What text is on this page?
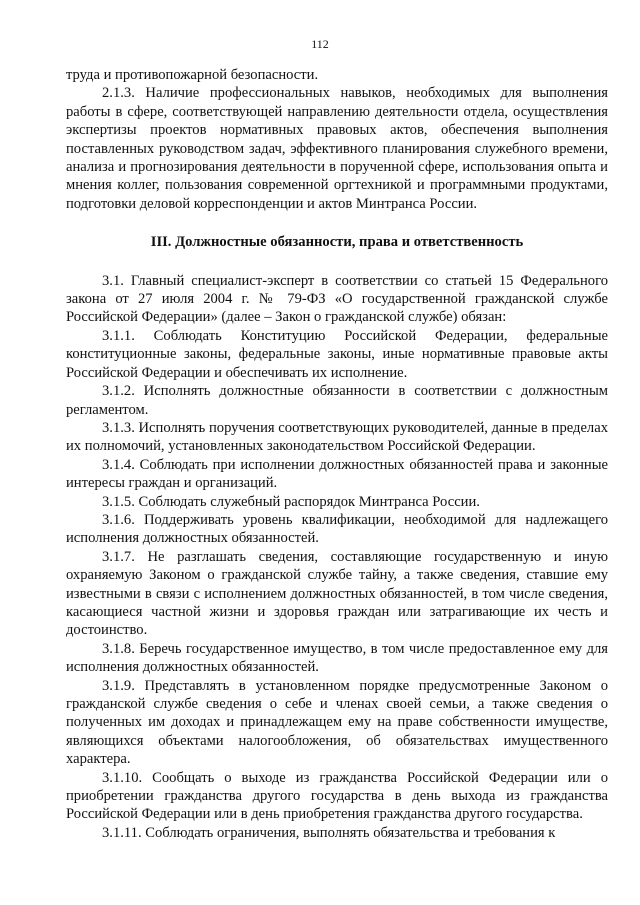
112

труда и противопожарной безопасности.

2.1.3. Наличие профессиональных навыков, необходимых для выполнения работы в сфере, соответствующей направлению деятельности отдела, осуществления экспертизы проектов нормативных правовых актов, обеспечения выполнения поставленных руководством задач, эффективного планирования служебного времени, анализа и прогнозирования деятельности в порученной сфере, использования опыта и мнения коллег, пользования современной оргтехникой и программными продуктами, подготовки деловой корреспонденции и актов Минтранса России.

III. Должностные обязанности, права и ответственность

3.1. Главный специалист-эксперт в соответствии со статьей 15 Федерального закона от 27 июля 2004 г. № 79-ФЗ «О государственной гражданской службе Российской Федерации» (далее – Закон о гражданской службе) обязан:

3.1.1. Соблюдать Конституцию Российской Федерации, федеральные конституционные законы, федеральные законы, иные нормативные правовые акты Российской Федерации и обеспечивать их исполнение.

3.1.2. Исполнять должностные обязанности в соответствии с должностным регламентом.

3.1.3. Исполнять поручения соответствующих руководителей, данные в пределах их полномочий, установленных законодательством Российской Федерации.

3.1.4. Соблюдать при исполнении должностных обязанностей права и законные интересы граждан и организаций.

3.1.5. Соблюдать служебный распорядок Минтранса России.

3.1.6. Поддерживать уровень квалификации, необходимой для надлежащего исполнения должностных обязанностей.

3.1.7. Не разглашать сведения, составляющие государственную и иную охраняемую Законом о гражданской службе тайну, а также сведения, ставшие ему известными в связи с исполнением должностных обязанностей, в том числе сведения, касающиеся частной жизни и здоровья граждан или затрагивающие их честь и достоинство.

3.1.8. Беречь государственное имущество, в том числе предоставленное ему для исполнения должностных обязанностей.

3.1.9. Представлять в установленном порядке предусмотренные Законом о гражданской службе сведения о себе и членах своей семьи, а также сведения о полученных им доходах и принадлежащем ему на праве собственности имуществе, являющихся объектами налогообложения, об обязательствах имущественного характера.

3.1.10. Сообщать о выходе из гражданства Российской Федерации или о приобретении гражданства другого государства в день выхода из гражданства Российской Федерации или в день приобретения гражданства другого государства.

3.1.11. Соблюдать ограничения, выполнять обязательства и требования к
